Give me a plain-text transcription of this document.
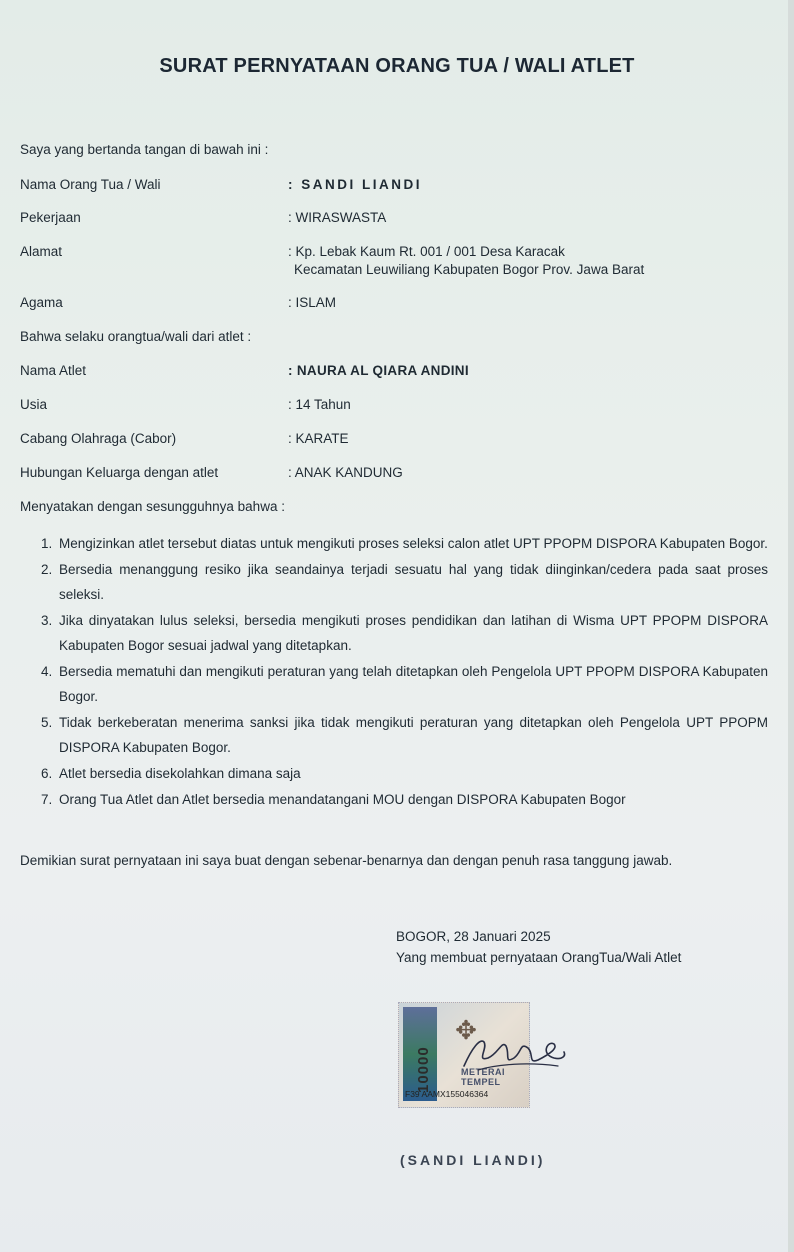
SURAT PERNYATAAN ORANG TUA / WALI ATLET
Saya yang bertanda tangan di bawah ini :
Nama Orang Tua / Wali	: SANDI LIANDI
Pekerjaan	: WIRASWASTA
Alamat	: Kp. Lebak Kaum Rt. 001 / 001 Desa Karacak
Kecamatan Leuwiliang Kabupaten Bogor Prov. Jawa Barat
Agama	: ISLAM
Bahwa selaku orangtua/wali dari atlet :
Nama Atlet	: NAURA AL QIARA ANDINI
Usia	: 14 Tahun
Cabang Olahraga (Cabor)	: KARATE
Hubungan Keluarga dengan atlet	: ANAK KANDUNG
Menyatakan dengan sesungguhnya bahwa :
1. Mengizinkan atlet tersebut diatas untuk mengikuti proses seleksi calon atlet UPT PPOPM DISPORA Kabupaten Bogor.
2. Bersedia menanggung resiko jika seandainya terjadi sesuatu hal yang tidak diinginkan/cedera pada saat proses seleksi.
3. Jika dinyatakan lulus seleksi, bersedia mengikuti proses pendidikan dan latihan di Wisma UPT PPOPM DISPORA Kabupaten Bogor sesuai jadwal yang ditetapkan.
4. Bersedia mematuhi dan mengikuti peraturan yang telah ditetapkan oleh Pengelola UPT PPOPM DISPORA Kabupaten Bogor.
5. Tidak berkeberatan menerima sanksi jika tidak mengikuti peraturan yang ditetapkan oleh Pengelola UPT PPOPM DISPORA Kabupaten Bogor.
6. Atlet bersedia disekolahkan dimana saja
7. Orang Tua Atlet dan Atlet bersedia menandatangani MOU dengan DISPORA Kabupaten Bogor
Demikian surat pernyataan ini saya buat dengan sebenar-benarnya dan dengan penuh rasa tanggung jawab.
BOGOR, 28 Januari 2025
Yang membuat pernyataan OrangTua/Wali Atlet
10000
✥
METERAI TEMPEL
F39 AAMX155046364
(SANDI LIANDI)
